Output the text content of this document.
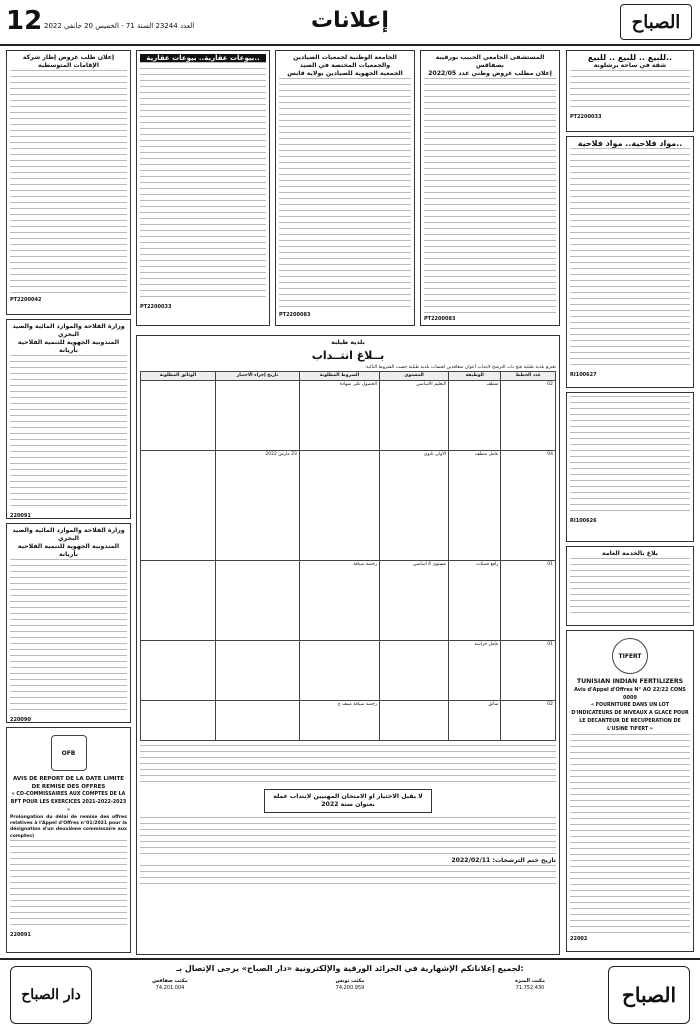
12 العدد 23244 السنة 71 - الخميس 20 جانفي 2022	إعلانات	الصباح
للبيع .. للبيع .. للبيع..
شقة في ساحة برشلونة
PT2200033
مواد فلاحية.. مواد فلاحية..
RI100627
RI100626
بلاغ بالخدمة العامة
TIFERT
TUNISIAN INDIAN FERTILIZERS
Avis d'Appel d'Offres N° AO 22/22 CONS 0009
« FOURNITURE DANS UN LOT D'INDICATEURS DE NIVEAUX A GLACE POUR LE DECANTEUR DE RECUPERATION DE L'USINE TIFERT »
22002
المستشفى الجامعي الحبيب بورقيبة بصفاقس
إعلان مطلب عروض وطني عدد 2022/05
PT2200083
الجامعة الوطنية لجمعيات الصيادين والجمعيات المختصة في الصيد
الجمعية الجهوية للصيادين بولاية قابس
PT2200083
بيوعات عقارية.. بيوعات عقارية..
PT2200033
إعلان طلب عروض إطار شركة الإقامات المتوسطية
PT2200042
وزارة الفلاحة والموارد المائية والصيد البحري
المندوبية الجهوية للتنمية الفلاحية بأريانة
220091
وزارة الفلاحة والموارد المائية والصيد البحري
المندوبية الجهوية للتنمية الفلاحية بأريانة
220090
OFB
AVIS DE REPORT DE LA DATE LIMITE DE REMISE DES OFFRES
« CO-COMMISSAIRES AUX COMPTES DE LA BFT POUR LES EXERCICES 2021-2022-2023 »
Prolongation du délai de remise des offres relatives à l'Appel d'Offres n°01/2021 pour la désignation d'un deuxième commissaire aux comptes)
220091
بلدية طبلبة
بــلاغ انتــداب
تعتزم بلدية طبلبة فتح باب الترشح لانتداب أعوان متعاقدين لحساب بلدية طبلبة حسب الشروط التالية:
عدد الخطط	الوظيفة	المستوى	الشروط المطلوبة	تاريخ إجراء الاختبار	الوثائق المطلوبة
02	منظف	التعليم الأساسي	الحصول على شهادة		
04	عامل منظف	الأولى ثانوي		23 مارس 2022	
01	رافع فضلات	مستوى 4 أساسي	رخصة سياقة		
01	عامل حراسة				
02	سائق		رخصة سياقة صنف ج		
لا يقبل الاختيار او الامتحان المهنيين لانتداب عملة بعنوان سنة 2022
تاريخ ختم الترشحات: 2022/02/11
الصباح
دار الصباح
لجميع إعلاناتكم الإشهارية في الجرائد الورقية والإلكترونية «دار الصباح» يرجى الإتصال بـ:
مكتب المنزه
71.752.430
مكتب تونس
74.200.959
مكتب صفاقس
74.201.004
